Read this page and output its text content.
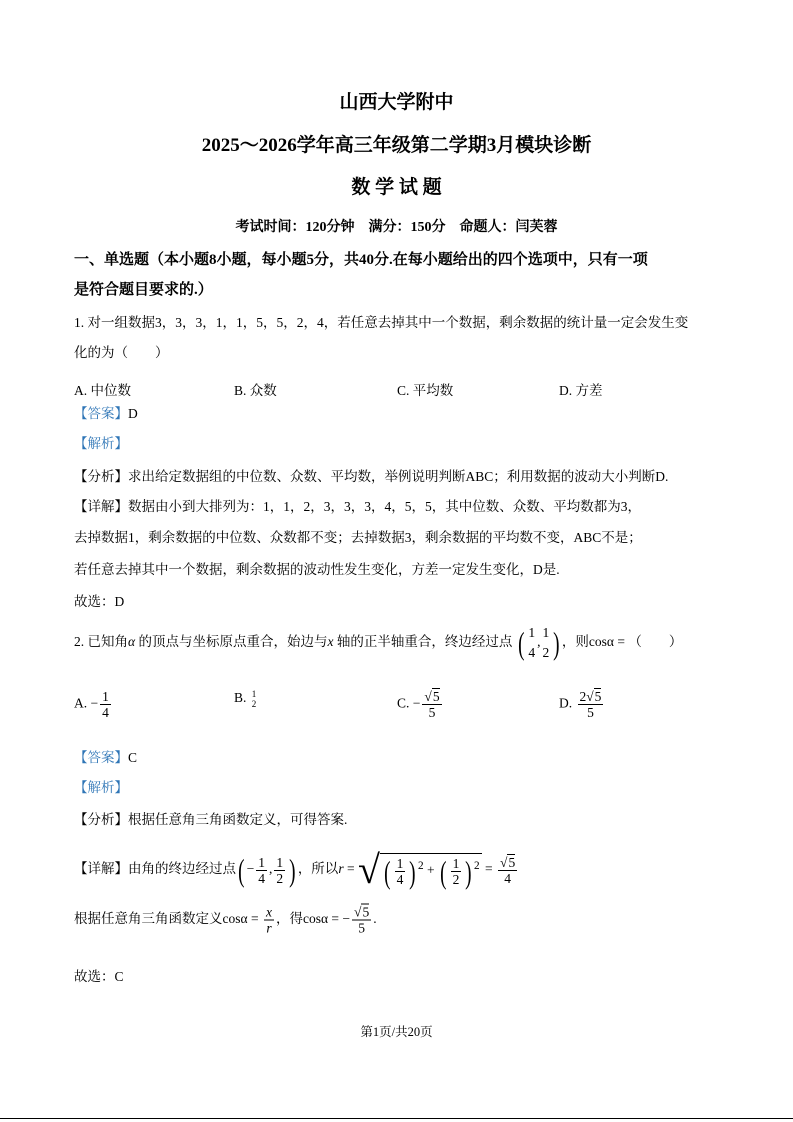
山西大学附中
2025～2026学年高三年级第二学期3月模块诊断
数 学 试 题
考试时间：120分钟　满分：150分　命题人：闫芙蓉
一、单选题（本小题8小题，每小题5分，共40分.在每小题给出的四个选项中，只有一项
是符合题目要求的.）
1. 对一组数据3，3，3，1，1，5，5，2，4，若任意去掉其中一个数据，剩余数据的统计量一定会发生变
化的为（　　）
A. 中位数	B. 众数	C. 平均数	D. 方差
【答案】D
【解析】
【分析】求出给定数据组的中位数、众数、平均数，举例说明判断ABC；利用数据的波动大小判断D.
【详解】数据由小到大排列为：1，1，2，3，3，3，4，5，5，其中位数、众数、平均数都为3，
去掉数据1，剩余数据的中位数、众数都不变；去掉数据3，剩余数据的平均数不变，ABC不是；
若任意去掉其中一个数据，剩余数据的波动性发生变化，方差一定发生变化，D是.
故选：D
2. 已知角α 的顶点与坐标原点重合，始边与x 轴的正半轴重合，终边经过点 ( 1
4
,
1
2 ) ，则cosα = （　　）
A. − $\frac{1}{4}$	B. 1
2	C. − $\frac{√5}{5}$	D. $\frac{2√5}{5}$
【答案】C
【解析】
【分析】根据任意角三角函数定义，可得答案.
【详解】由角的终边经过点( − $\frac{1}{4}$ , $\frac{1}{2}$ ) ，所以r = √ ( $\frac{1}{4}$ ) $^2$ + ( $\frac{1}{2}$ ) $^2 = \frac{√5}{4}$
根据任意角三角函数定义$\cos\alpha = \frac{x}{r}$ ，得cosα = − $\frac{√5}{5}$ .
故选：C
第1页/共20页
